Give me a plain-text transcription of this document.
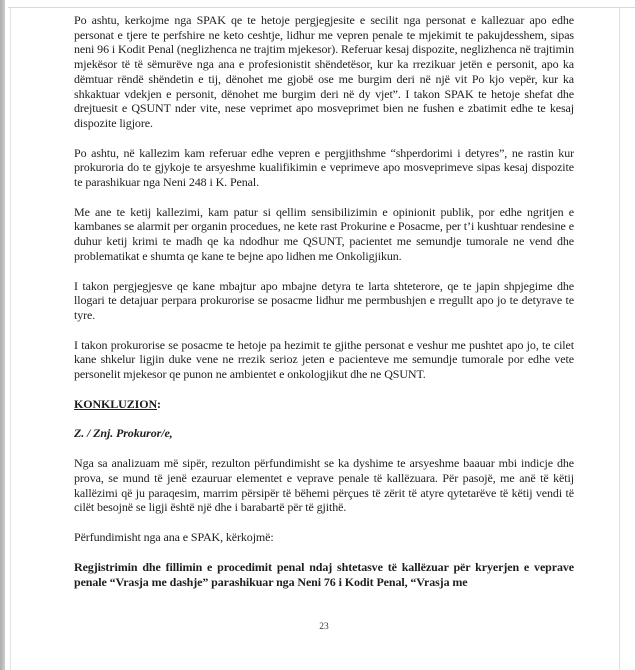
Po ashtu, kerkojme nga SPAK qe te hetoje pergjegjesite e secilit nga personat e kallezuar apo edhe personat e tjere te perfshire ne keto ceshtje, lidhur me vepren penale te mjekimit te pakujdesshem, sipas neni 96 i Kodit Penal (neglizhenca ne trajtim mjekesor). Referuar kesaj dispozite, neglizhenca në trajtimin mjekësor të të sëmurëve nga ana e profesionistit shëndetësor, kur ka rrezikuar jetën e personit, apo ka dëmtuar rëndë shëndetin e tij, dënohet me gjobë ose me burgim deri në një vit Po kjo vepër, kur ka shkaktuar vdekjen e personit, dënohet me burgim deri në dy vjet”. I takon SPAK te hetoje shefat dhe drejtuesit e QSUNT nder vite, nese veprimet apo mosveprimet bien ne fushen e zbatimit edhe te kesaj dispozite ligjore.

Po ashtu, në kallezim kam referuar edhe vepren e pergjithshme “shperdorimi i detyres”, ne rastin kur prokuroria do te gjykoje te arsyeshme kualifikimin e veprimeve apo mosveprimeve sipas kesaj dispozite te parashikuar nga Neni 248 i K. Penal.

Me ane te ketij kallezimi, kam patur si qellim sensibilizimin e opinionit publik, por edhe ngritjen e kambanes se alarmit per organin procedues, ne kete rast Prokurine e Posacme, per t’i kushtuar rendesine e duhur ketij krimi te madh qe ka ndodhur me QSUNT, pacientet me semundje tumorale ne vend dhe problematikat e shumta qe kane te bejne apo lidhen me Onkoligjikun.

I takon pergjegjesve qe kane mbajtur apo mbajne detyra te larta shteterore, qe te japin shpjegime dhe llogari te detajuar perpara prokurorise se posacme lidhur me permbushjen e rregullt apo jo te detyrave te tyre.

I takon prokurorise se posacme te hetoje pa hezimit te gjithe personat e veshur me pushtet apo jo, te cilet kane shkelur ligjin duke vene ne rrezik serioz jeten e pacienteve me semundje tumorale por edhe vete personelit mjekesor qe punon ne ambientet e onkologjikut dhe ne QSUNT.

KONKLUZION:

Z. / Znj. Prokuror/e,

Nga sa analizuam më sipër, rezulton përfundimisht se ka dyshime te arsyeshme baauar mbi indicje dhe prova, se mund të jenë ezauruar elementet e veprave penale të kallëzuara. Për pasojë, me anë të këtij kallëzimi që ju paraqesim, marrim përsipër të bëhemi përçues të zërit të atyre qytetarëve të këtij vendi të cilët besojnë se ligji është një dhe i barabartë për të gjithë.

Përfundimisht nga ana e SPAK, kërkojmë:

Regjistrimin dhe fillimin e procedimit penal ndaj shtetasve të kallëzuar për kryerjen e veprave penale “Vrasja me dashje” parashikuar nga Neni 76 i Kodit Penal, “Vrasja me

23
